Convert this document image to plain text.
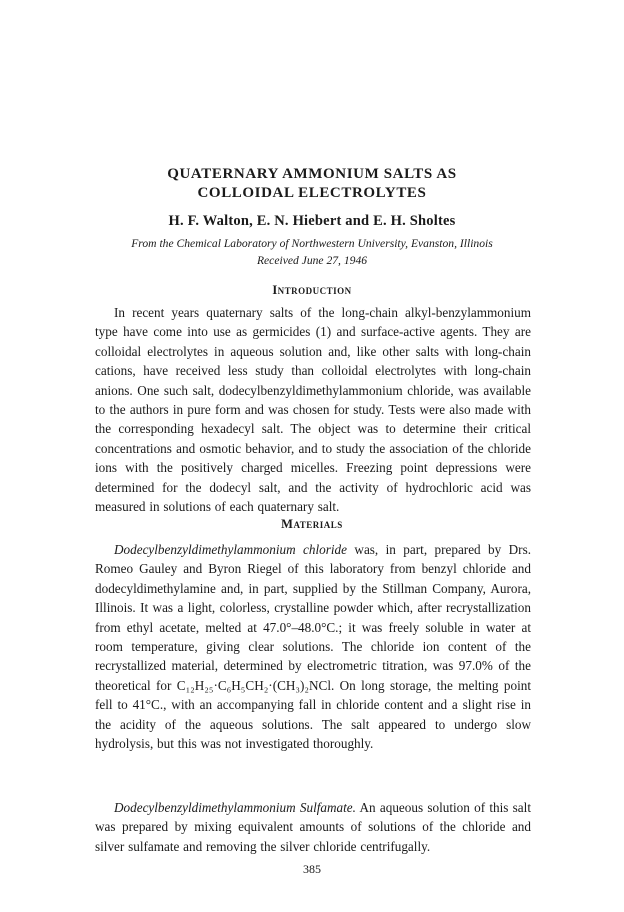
QUATERNARY AMMONIUM SALTS AS
COLLOIDAL ELECTROLYTES

H. F. Walton, E. N. Hiebert and E. H. Sholtes

From the Chemical Laboratory of Northwestern University, Evanston, Illinois

Received June 27, 1946

Introduction

In recent years quaternary salts of the long-chain alkyl-benzylammonium type have come into use as germicides (1) and surface-active agents. They are colloidal electrolytes in aqueous solution and, like other salts with long-chain cations, have received less study than colloidal electrolytes with long-chain anions. One such salt, dodecylbenzyldimethylammonium chloride, was available to the authors in pure form and was chosen for study. Tests were also made with the corresponding hexadecyl salt. The object was to determine their critical concentrations and osmotic behavior, and to study the association of the chloride ions with the positively charged micelles. Freezing point depressions were determined for the dodecyl salt, and the activity of hydrochloric acid was measured in solutions of each quaternary salt.

Materials

Dodecylbenzyldimethylammonium chloride was, in part, prepared by Drs. Romeo Gauley and Byron Riegel of this laboratory from benzyl chloride and dodecyldimethylamine and, in part, supplied by the Stillman Company, Aurora, Illinois. It was a light, colorless, crystalline powder which, after recrystallization from ethyl acetate, melted at 47.0°–48.0°C.; it was freely soluble in water at room temperature, giving clear solutions. The chloride ion content of the recrystallized material, determined by electrometric titration, was 97.0% of the theoretical for C₁₂H₂₅·C₆H₅CH₂·(CH₃)₂NCl. On long storage, the melting point fell to 41°C., with an accompanying fall in chloride content and a slight rise in the acidity of the aqueous solutions. The salt appeared to undergo slow hydrolysis, but this was not investigated thoroughly.

Dodecylbenzyldimethylammonium Sulfamate. An aqueous solution of this salt was prepared by mixing equivalent amounts of solutions of the chloride and silver sulfamate and removing the silver chloride centrifugally.

385
